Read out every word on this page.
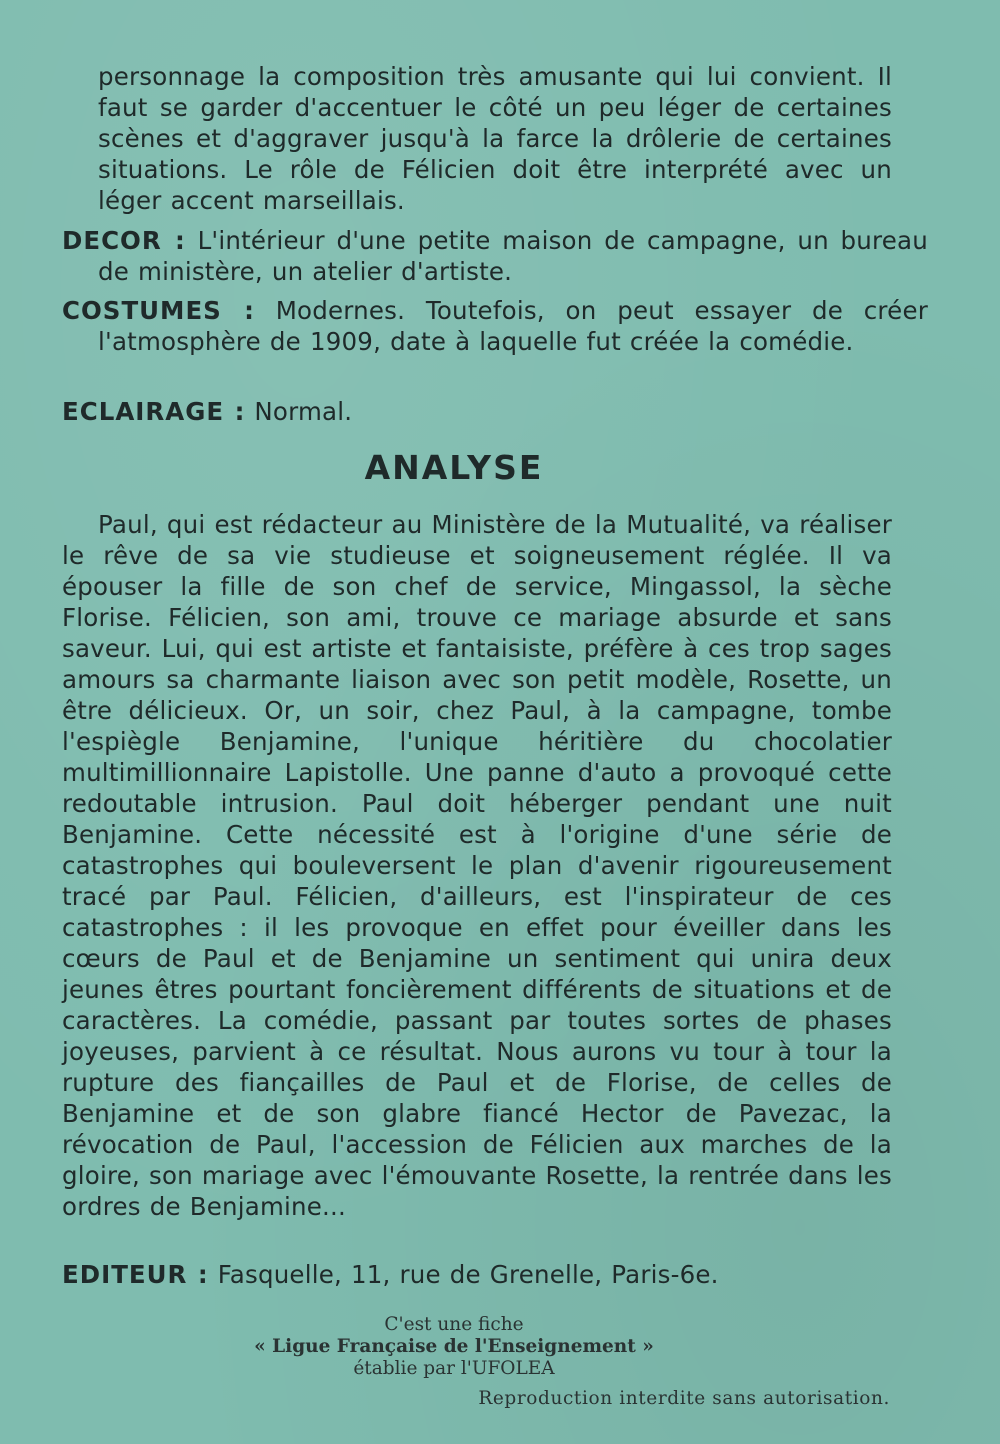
personnage la composition très amusante qui lui convient. Il faut se garder d'accentuer le côté un peu léger de certaines scènes et d'aggraver jusqu'à la farce la drôlerie de certaines situations. Le rôle de Félicien doit être interprété avec un léger accent marseillais.

DECOR : L'intérieur d'une petite maison de campagne, un bureau de ministère, un atelier d'artiste.

COSTUMES : Modernes. Toutefois, on peut essayer de créer l'atmosphère de 1909, date à laquelle fut créée la comédie.

ECLAIRAGE : Normal.

ANALYSE

Paul, qui est rédacteur au Ministère de la Mutualité, va réaliser le rêve de sa vie studieuse et soigneusement réglée. Il va épouser la fille de son chef de service, Mingassol, la sèche Florise. Félicien, son ami, trouve ce mariage absurde et sans saveur. Lui, qui est artiste et fantaisiste, préfère à ces trop sages amours sa charmante liaison avec son petit modèle, Rosette, un être délicieux. Or, un soir, chez Paul, à la campagne, tombe l'espiègle Benjamine, l'unique héritière du chocolatier multimillionnaire Lapistolle. Une panne d'auto a provoqué cette redoutable intrusion. Paul doit héberger pendant une nuit Benjamine. Cette nécessité est à l'origine d'une série de catastrophes qui bouleversent le plan d'avenir rigoureusement tracé par Paul. Félicien, d'ailleurs, est l'inspirateur de ces catastrophes : il les provoque en effet pour éveiller dans les cœurs de Paul et de Benjamine un sentiment qui unira deux jeunes êtres pourtant foncièrement différents de situations et de caractères. La comédie, passant par toutes sortes de phases joyeuses, parvient à ce résultat. Nous aurons vu tour à tour la rupture des fiançailles de Paul et de Florise, de celles de Benjamine et de son glabre fiancé Hector de Pavezac, la révocation de Paul, l'accession de Félicien aux marches de la gloire, son mariage avec l'émouvante Rosette, la rentrée dans les ordres de Benjamine...

EDITEUR : Fasquelle, 11, rue de Grenelle, Paris-6e.

C'est une fiche
« Ligue Française de l'Enseignement »
établie par l'UFOLEA
Reproduction interdite sans autorisation.
